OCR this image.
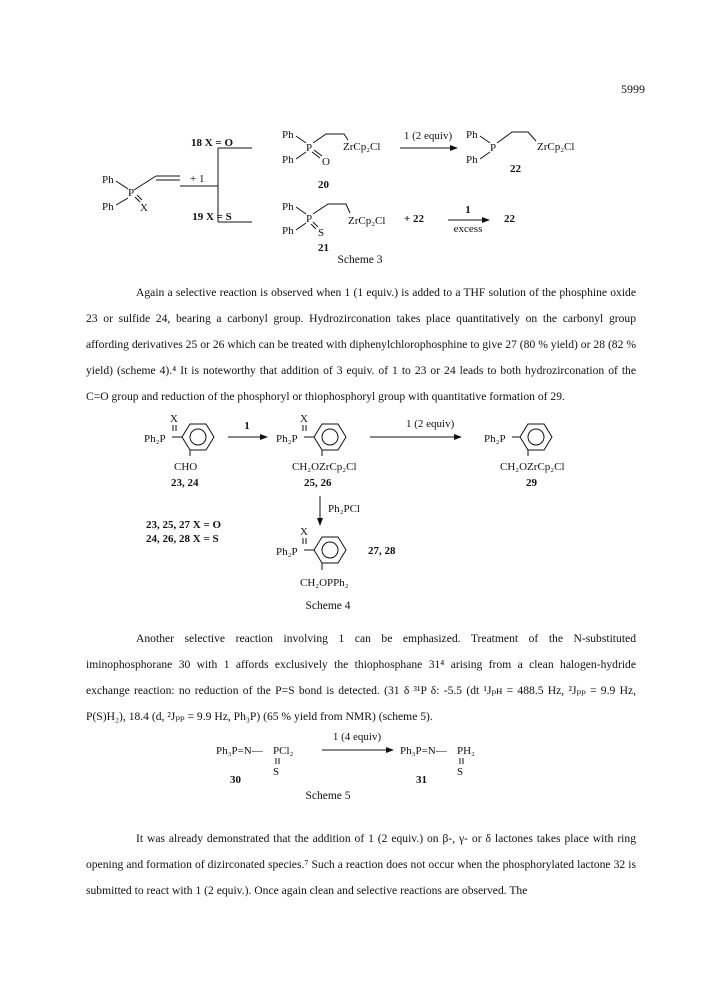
5999
Ph
Ph
P
X
+ 1
18 X = O
19 X = S
Ph
Ph
P
O
ZrCp₂Cl
20
1 (2 equiv) Ph
Ph
P	ZrCp₂Cl
22
Ph
Ph
P
S
ZrCp₂Cl
21
+ 22
1
excess
22
Scheme 3

Again a selective reaction is observed when 1 (1 equiv.) is added to a THF solution of the phosphine oxide 23 or sulfide 24, bearing a carbonyl group. Hydrozirconation takes place quantitatively on the carbonyl group affording derivatives 25 or 26 which can be treated with diphenylchlorophosphine to give 27 (80 % yield) or 28 (82 % yield) (scheme 4).⁴ It is noteworthy that addition of 3 equiv. of 1 to 23 or 24 leads to both hydrozirconation of the C=O group and reduction of the phosphoryl or thiophosphoryl group with quantitative formation of 29.

X
Ph₂P
CHO
23, 24
1
X
Ph₂P
CH₂OZrCp₂Cl
25, 26
1 (2 equiv)
Ph₂P
CH₂OZrCp₂Cl
29
Ph₂PCl
23, 25, 27 X = O
24, 26, 28 X = S
X
Ph₂P
CH₂OPPh₂
27, 28
Scheme 4

Another selective reaction involving 1 can be emphasized. Treatment of the N-substituted iminophosphorane 30 with 1 affords exclusively the thiophosphane 31⁴ arising from a clean halogen-hydride exchange reaction: no reduction of the P=S bond is detected. (31 δ ³¹P δ: -5.5 (dt ¹Jₚʜ = 488.5 Hz, ²Jₚₚ = 9.9 Hz, P(S)H₂), 18.4 (d, ²Jₚₚ = 9.9 Hz, Ph₃P) (65 % yield from NMR) (scheme 5).

Ph₃P=N— PCl₂
S
30
1 (4 equiv)
Ph₃P=N— PH₂
S
31
Scheme 5

It was already demonstrated that the addition of 1 (2 equiv.) on β-, γ- or δ lactones takes place with ring opening and formation of dizirconated species.⁷ Such a reaction does not occur when the phosphorylated lactone 32 is submitted to react with 1 (2 equiv.). Once again clean and selective reactions are observed. The
